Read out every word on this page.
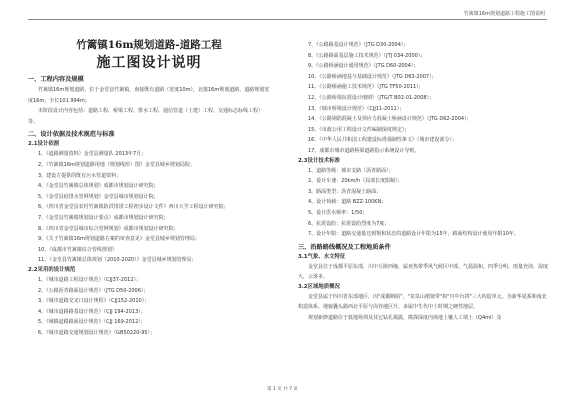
竹篱镇16m规划道路工程施工图说明
竹篱镇16m规划道路-道路工程
施工图设计说明
一、工程内容及规模
竹篱镇16m规划道路，位于金堂县竹篱镇，南接既有道路（宽度10m），北接16m规划道路，道路规划宽度16m，全长101.994m；
本阶段设计内容包括：道路工程、桥梁工程、排水工程、通信管道（土建）工程、交通标志标线工程）等。
二、设计依据及技术规范与标准
2.1设计依据
1、《道路测量资料》金堂县测量队 2013年7月；
2、《竹篱镇16m规划道路用地（规划线形）图》金堂县城乡规划局院；
3、建设方提供的既有污水管道资料；
4、《金堂县竹篱镇总体规划》成都市规划设计研究院；
5、《金堂县给排水管网规划》金堂县城市规划设计院；
6、《四川省金堂县农村竹篱镇防洪排涝工程初步设计文件》西川大学工程设计研究院；
7、《金堂县竹篱镇规划设计要点》成都市规划设计研究院；
8、《四川省金堂县城市综合管网规划》成都市规划设计研究院；
9、《关于竹篱镇16m规划道路方案的审查意见》金堂县城乡规划管理局；
10、《成都市竹篱镇综合管线规划》
11、《金堂县竹篱镇总体规划（2010-2020）》金堂县城乡规划管理局；
2.2采用的设计规范
1、《城市道路工程设计规范》（CJJ37-2012）；
2、《公路沥青路面设计规范》（JTG D50-2006）；
3、《城市道路交叉口设计规程》（CJJ152-2010）；
4、《城市道路路基设计规范》（CJJ 194-2013）；
5、《城镇道路路面设计规范》（CJJ 169-2012）；
6、《城市道路交通规划设计规范》（GB50220-95）；
7、《公路路基设计规范》（JTG D30-2004）；
8、《公路路面基层施工技术规范》（JTJ 034-2000）；
9、《公路桥涵设计通用规范》（JTG D60-2004）；
10、《公路桥涵地基与基础设计规范》（JTG D63-2007）；
11、《公路桥涵施工技术规范》（JTG TF50-2011）；
12、《公路桥梁抗震设计细则》（JTG/T B02-01-2008）；
13、《城市桥梁设计规范》（CJJ11-2011）；
14、《公路钢筋混凝土及预应力混凝土桥涵设计规范》（JTG D62-2004）；
15、《市政公用工程设计文件编制深度规定》；
16、《中华人民共和国工程建设标准强制性条文》（城市建设部分）；
17、成都市城市道路桥梁道路指示系统设计导则。
2.3设计技术标准
1、道路等级：城市支路（沥青路面）；
2、设计车速：20km/h（局部长度限制）；
3、路面类型：沥青混凝土路面；
4、设计荷载：道路 BZZ-100KN；
5、设计洪水频率：1/50；
6、抗震设防：抗震设防烈度为7度；
7、设计年限：道路交通量达到饱和状态的道路设计年限为15年，路面结构设计使用年限10年。
三、沿路路线概况及工程地质条件
3.1气象、水文特征
金堂县位于成都平原东部，川中丘陵西缘，属亚热带季风气候区中部。气温温和，四季分明，雨量充沛，湿度大，云雾多。
3.2区域地质概况
金堂县属于四川省东部地区，因"成都断陷"，"龙泉山褶皱带"和"川中台拱"三大构造单元。为新华夏系和南北构造体系。地貌囊头路西北平原与岗谷地区升，多属中生代中上时期之硬性地层。
规划新修道路位于低地场坝及其它钻孔揭露，勘探深度内场地上覆人工填土（Q4ml）及
第 1 页 共 7 页
